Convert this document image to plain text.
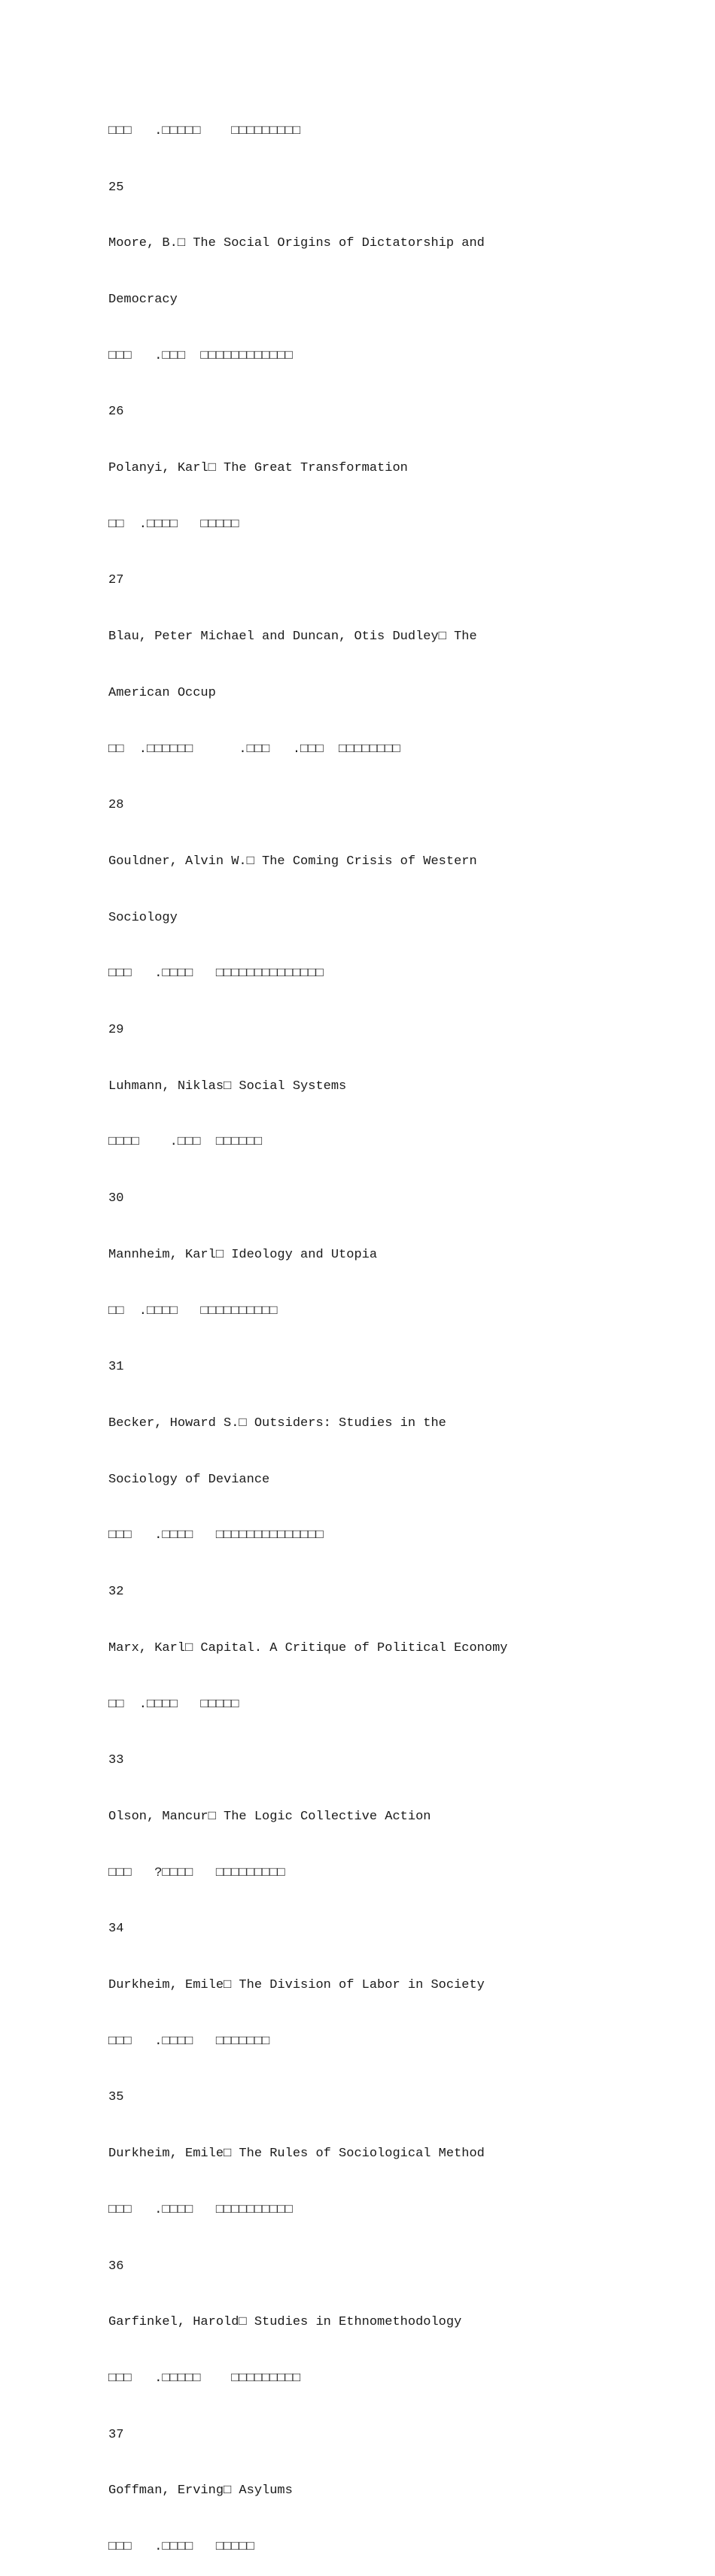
□□□   .□□□□□    □□□□□□□□□

25

Moore, B.□ The Social Origins of Dictatorship and

Democracy

□□□   .□□□  □□□□□□□□□□□□

26

Polanyi, Karl□ The Great Transformation

□□  .□□□□   □□□□□

27

Blau, Peter Michael and Duncan, Otis Dudley□ The

American Occup

□□  .□□□□□□      .□□□   .□□□  □□□□□□□□

28

Gouldner, Alvin W.□ The Coming Crisis of Western

Sociology

□□□   .□□□□   □□□□□□□□□□□□□□

29

Luhmann, Niklas□ Social Systems

□□□□    .□□□  □□□□□□

30

Mannheim, Karl□ Ideology and Utopia

□□  .□□□□   □□□□□□□□□□

31

Becker, Howard S.□ Outsiders: Studies in the

Sociology of Deviance

□□□   .□□□□   □□□□□□□□□□□□□□

32

Marx, Karl□ Capital. A Critique of Political Economy

□□  .□□□□   □□□□□

33

Olson, Mancur□ The Logic Collective Action

□□□   ?□□□□   □□□□□□□□□

34

Durkheim, Emile□ The Division of Labor in Society

□□□   .□□□□   □□□□□□□

35

Durkheim, Emile□ The Rules of Sociological Method

□□□   .□□□□   □□□□□□□□□□

36

Garfinkel, Harold□ Studies in Ethnomethodology

□□□   .□□□□□    □□□□□□□□□

37

Goffman, Erving□ Asylums

□□□   .□□□□   □□□□□
